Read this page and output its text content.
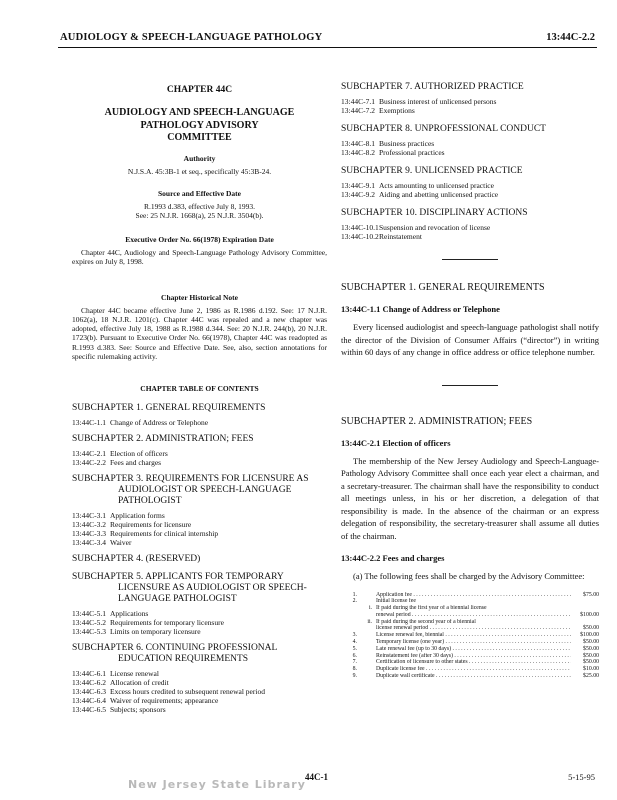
AUDIOLOGY & SPEECH-LANGUAGE PATHOLOGY	13:44C-2.2
CHAPTER 44C
AUDIOLOGY AND SPEECH-LANGUAGE
PATHOLOGY ADVISORY
COMMITTEE
Authority
N.J.S.A. 45:3B-1 et seq., specifically 45:3B-24.
Source and Effective Date
R.1993 d.383, effective July 8, 1993.
See: 25 N.J.R. 1668(a), 25 N.J.R. 3504(b).
Executive Order No. 66(1978) Expiration Date
Chapter 44C, Audiology and Speech-Language Pathology Advisory Committee, expires on July 8, 1998.
Chapter Historical Note
Chapter 44C became effective June 2, 1986 as R.1986 d.192. See: 17 N.J.R. 1062(a), 18 N.J.R. 1201(c). Chapter 44C was repealed and a new chapter was adopted, effective July 18, 1988 as R.1988 d.344. See: 20 N.J.R. 244(b), 20 N.J.R. 1723(b). Pursuant to Executive Order No. 66(1978), Chapter 44C was readopted as R.1993 d.383. See: Source and Effective Date. See, also, section annotations for specific rulemaking activity.
CHAPTER TABLE OF CONTENTS
SUBCHAPTER 1. GENERAL REQUIREMENTS
13:44C-1.1 Change of Address or Telephone
SUBCHAPTER 2. ADMINISTRATION; FEES
13:44C-2.1 Election of officers
13:44C-2.2 Fees and charges
SUBCHAPTER 3. REQUIREMENTS FOR LICENSURE AS AUDIOLOGIST OR SPEECH-LANGUAGE PATHOLOGIST
13:44C-3.1 Application forms
13:44C-3.2 Requirements for licensure
13:44C-3.3 Requirements for clinical internship
13:44C-3.4 Waiver
SUBCHAPTER 4. (RESERVED)
SUBCHAPTER 5. APPLICANTS FOR TEMPORARY LICENSURE AS AUDIOLOGIST OR SPEECH-LANGUAGE PATHOLOGIST
13:44C-5.1 Applications
13:44C-5.2 Requirements for temporary licensure
13:44C-5.3 Limits on temporary licensure
SUBCHAPTER 6. CONTINUING PROFESSIONAL EDUCATION REQUIREMENTS
13:44C-6.1 License renewal
13:44C-6.2 Allocation of credit
13:44C-6.3 Excess hours credited to subsequent renewal period
13:44C-6.4 Waiver of requirements; appearance
13:44C-6.5 Subjects; sponsors
SUBCHAPTER 7. AUTHORIZED PRACTICE
13:44C-7.1 Business interest of unlicensed persons
13:44C-7.2 Exemptions
SUBCHAPTER 8. UNPROFESSIONAL CONDUCT
13:44C-8.1 Business practices
13:44C-8.2 Professional practices
SUBCHAPTER 9. UNLICENSED PRACTICE
13:44C-9.1 Acts amounting to unlicensed practice
13:44C-9.2 Aiding and abetting unlicensed practice
SUBCHAPTER 10. DISCIPLINARY ACTIONS
13:44C-10.1 Suspension and revocation of license
13:44C-10.2 Reinstatement
SUBCHAPTER 1. GENERAL REQUIREMENTS
13:44C-1.1 Change of Address or Telephone
Every licensed audiologist and speech-language pathologist shall notify the director of the Division of Consumer Affairs (“director”) in writing within 60 days of any change in office address or office telephone number.
SUBCHAPTER 2. ADMINISTRATION; FEES
13:44C-2.1 Election of officers
The membership of the New Jersey Audiology and Speech-Language-Pathology Advisory Committee shall once each year elect a chairman, and a secretary-treasurer. The chairman shall have the responsibility to conduct all meetings unless, in his or her discretion, a delegation of that responsibility is made. In the absence of the chairman or an express delegation of responsibility, the secretary-treasurer shall assume all duties of the chairman.
13:44C-2.2 Fees and charges
(a) The following fees shall be charged by the Advisory Committee:
1.	Application fee . . .	$75.00
2.	Initial license fee
i. If paid during the first year of a biennial license
renewal period . . .	$100.00
ii. If paid during the second year of a biennial
license renewal period . . .	$50.00
3.	License renewal fee, biennial . . .	$100.00
4.	Temporary license (one year) . . .	$50.00
5.	Late renewal fee (up to 30 days) . . .	$50.00
6.	Reinstatement fee (after 30 days) . . .	$50.00
7.	Certification of licensure to other states . . .	$50.00
8.	Duplicate license fee . . .	$10.00
9.	Duplicate wall certificate . . .	$25.00
New Jersey State Library
44C-1	5-15-95
